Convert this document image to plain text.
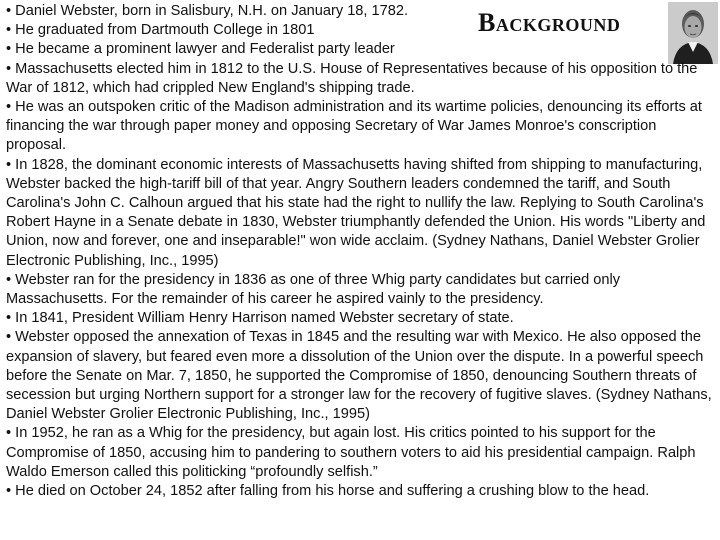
Background

• Daniel Webster, born in Salisbury, N.H. on January 18, 1782.

• He graduated from Dartmouth College in 1801

• He became a prominent lawyer and Federalist party leader

• Massachusetts elected him in 1812 to the U.S. House of Representatives because of his opposition to the War of 1812, which had crippled New England's shipping trade.

• He was an outspoken critic of the Madison administration and its wartime policies, denouncing its efforts at financing the war through paper money and opposing Secretary of War James Monroe's conscription proposal.

• In 1828, the dominant economic interests of Massachusetts having shifted from shipping to manufacturing, Webster backed the high-tariff bill of that year. Angry Southern leaders condemned the tariff, and South Carolina's John C. Calhoun argued that his state had the right to nullify the law. Replying to South Carolina's Robert Hayne in a Senate debate in 1830, Webster triumphantly defended the Union. His words "Liberty and Union, now and forever, one and inseparable!" won wide acclaim. (Sydney Nathans, Daniel Webster Grolier Electronic Publishing, Inc., 1995)

• Webster ran for the presidency in 1836 as one of three Whig party candidates but carried only Massachusetts. For the remainder of his career he aspired vainly to the presidency.

• In 1841, President William Henry Harrison named Webster secretary of state.

• Webster opposed the annexation of Texas in 1845 and the resulting war with Mexico. He also opposed the expansion of slavery, but feared even more a dissolution of the Union over the dispute. In a powerful speech before the Senate on Mar. 7, 1850, he supported the Compromise of 1850, denouncing Southern threats of secession but urging Northern support for a stronger law for the recovery of fugitive slaves. (Sydney Nathans, Daniel Webster Grolier Electronic Publishing, Inc., 1995)

• In 1952, he ran as a Whig for the presidency, but again lost. His critics pointed to his support for the Compromise of 1850, accusing him to pandering to southern voters to aid his presidential campaign. Ralph Waldo Emerson called this politicking “profoundly selfish.”

• He died on October 24, 1852 after falling from his horse and suffering a crushing blow to the head.
